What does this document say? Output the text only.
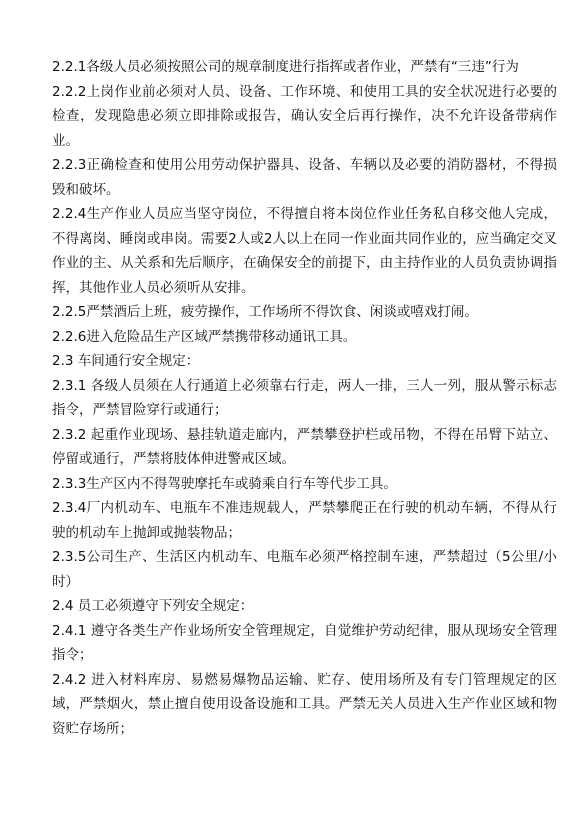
2.2.1各级人员必须按照公司的规章制度进行指挥或者作业，严禁有“三违”行为

2.2.2上岗作业前必须对人员、设备、工作环境、和使用工具的安全状况进行必要的检查，发现隐患必须立即排除或报告，确认安全后再行操作，决不允许设备带病作业。

2.2.3正确检查和使用公用劳动保护器具、设备、车辆以及必要的消防器材，不得损毁和破坏。

2.2.4生产作业人员应当坚守岗位，不得擅自将本岗位作业任务私自移交他人完成，不得离岗、睡岗或串岗。需要2人或2人以上在同一作业面共同作业的，应当确定交叉作业的主、从关系和先后顺序，在确保安全的前提下，由主持作业的人员负责协调指挥，其他作业人员必须听从安排。

2.2.5严禁酒后上班，疲劳操作，工作场所不得饮食、闲谈或嘻戏打闹。

2.2.6进入危险品生产区域严禁携带移动通讯工具。

2.3 车间通行安全规定：

2.3.1 各级人员须在人行通道上必须靠右行走，两人一排，三人一列，服从警示标志指令，严禁冒险穿行或通行；

2.3.2 起重作业现场、悬挂轨道走廊内，严禁攀登护栏或吊物，不得在吊臂下站立、停留或通行，严禁将肢体伸进警戒区域。

2.3.3生产区内不得驾驶摩托车或骑乘自行车等代步工具。

2.3.4厂内机动车、电瓶车不准违规载人，严禁攀爬正在行驶的机动车辆，不得从行驶的机动车上抛卸或抛装物品；

2.3.5公司生产、生活区内机动车、电瓶车必须严格控制车速，严禁超过（5公里/小时）

2.4 员工必须遵守下列安全规定：

2.4.1 遵守各类生产作业场所安全管理规定，自觉维护劳动纪律，服从现场安全管理指令；

2.4.2 进入材料库房、易燃易爆物品运输、贮存、使用场所及有专门管理规定的区域，严禁烟火，禁止擅自使用设备设施和工具。严禁无关人员进入生产作业区域和物资贮存场所；
